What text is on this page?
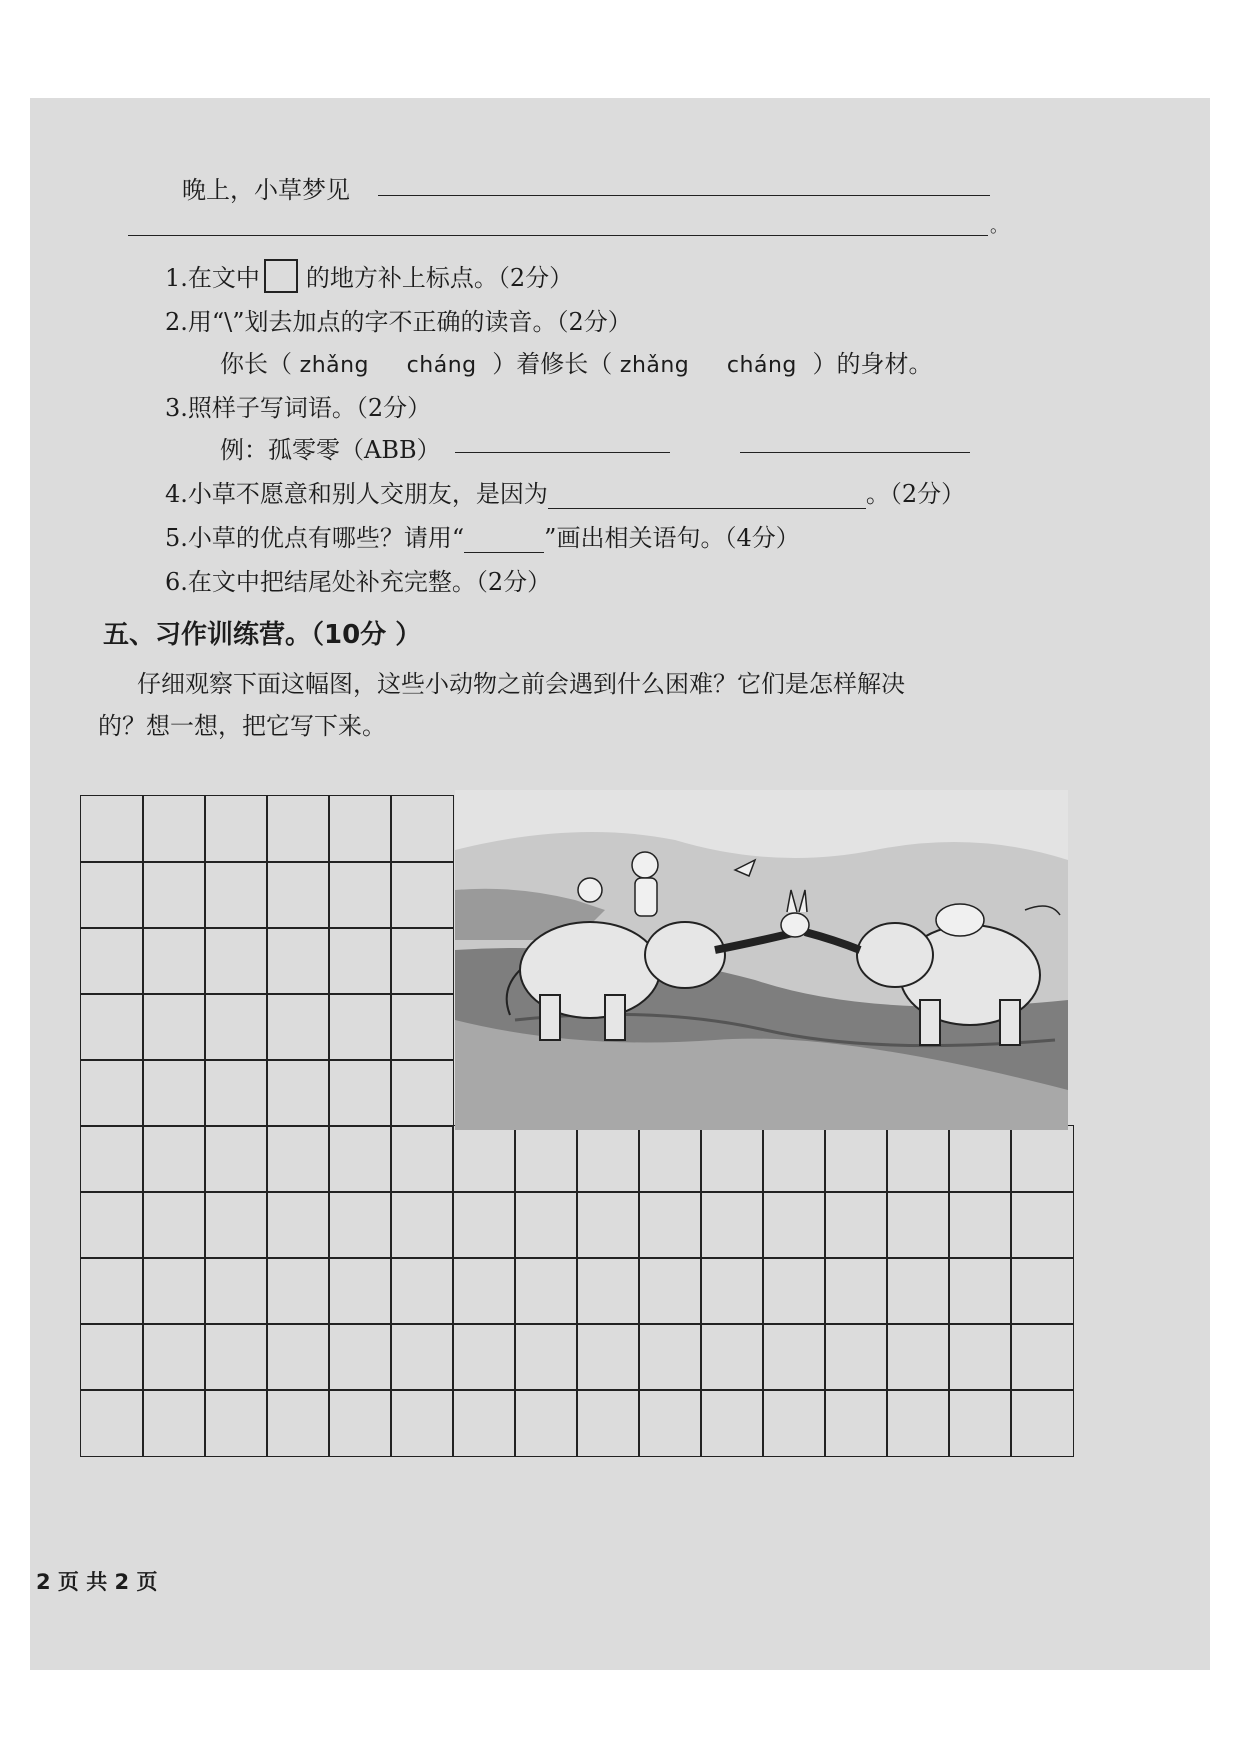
晚上，小草梦见
。
1.在文中 的地方补上标点。（2分）
2.用“\”划去加点的字不正确的读音。（2分）
你长（ zhǎng cháng ）着修长（ zhǎng cháng ）的身材。
3.照样子写词语。（2分）
例：孤零零（ABB）
4.小草不愿意和别人交朋友，是因为	。（2分）
5.小草的优点有哪些？请用“	”画出相关语句。（4分）
6.在文中把结尾处补充完整。（2分）
五、习作训练营。（10分 ）
仔细观察下面这幅图，这些小动物之前会遇到什么困难？它们是怎样解决
的？想一想，把它写下来。
2 页 共 2 页
